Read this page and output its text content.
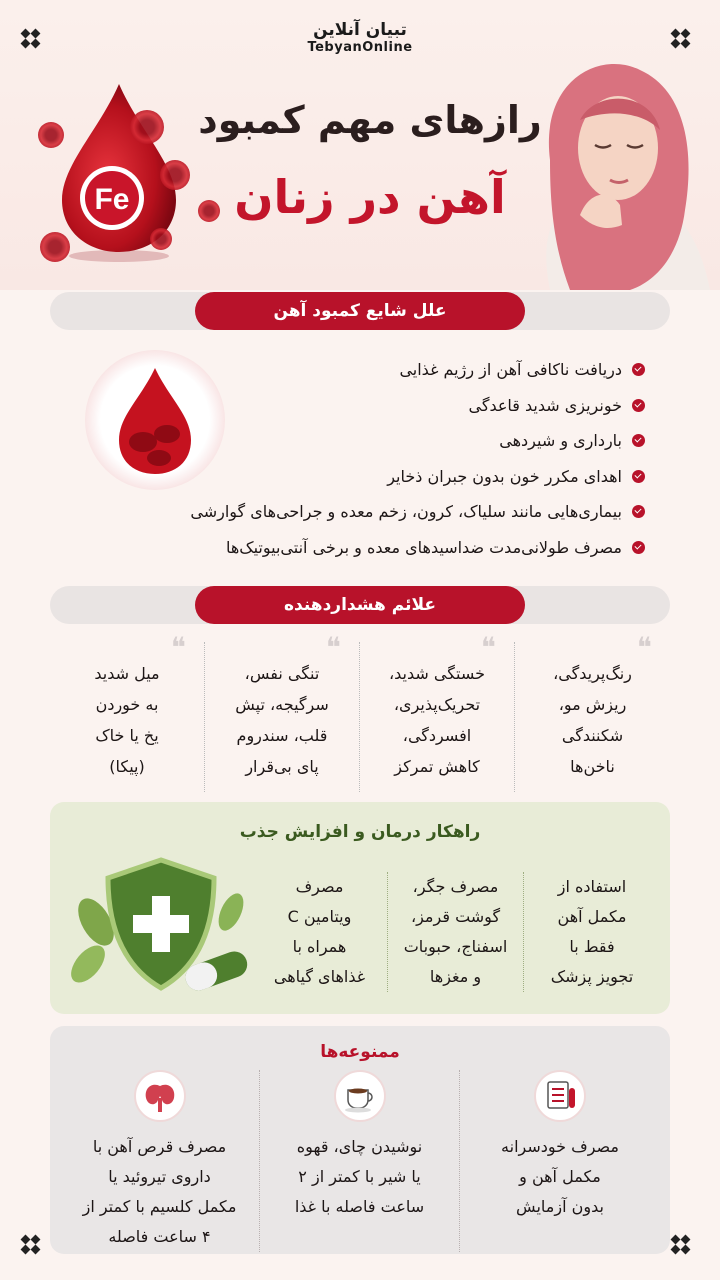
تبیان آنلاین
TebyanOnline
Fe
رازهای مهم کمبود
آهن در زنان
علل شایع کمبود آهن
دریافت ناکافی آهن از رژیم غذایی
خونریزی شدید قاعدگی
بارداری و شیردهی
اهدای مکرر خون بدون جبران ذخایر
بیماری‌هایی مانند سلیاک، کرون، زخم معده و جراحی‌های گوارشی
مصرف طولانی‌مدت ضداسیدهای معده و برخی آنتی‌بیوتیک‌ها
علائم هشداردهنده
❝
رنگ‌پریدگی،
ریزش مو،
شکنندگی
ناخن‌ها
❝
خستگی شدید،
تحریک‌پذیری،
افسردگی،
کاهش تمرکز
❝
تنگی نفس،
سرگیجه، تپش
قلب، سندروم
پای بی‌قرار
❝
میل شدید
به خوردن
یخ یا خاک
(پیکا)
راهکار درمان و افزایش جذب
استفاده از
مکمل آهن
فقط با
تجویز پزشک
مصرف جگر،
گوشت قرمز،
اسفناج، حبوبات
و مغزها
مصرف
ویتامین C
همراه با
غذاهای گیاهی
ممنوعه‌ها
مصرف خودسرانه
مکمل آهن و
بدون آزمایش
نوشیدن چای، قهوه
یا شیر با کمتر از ۲
ساعت فاصله با غذا
مصرف قرص آهن با
داروی تیروئید یا
مکمل کلسیم با کمتر از
۴ ساعت فاصله
